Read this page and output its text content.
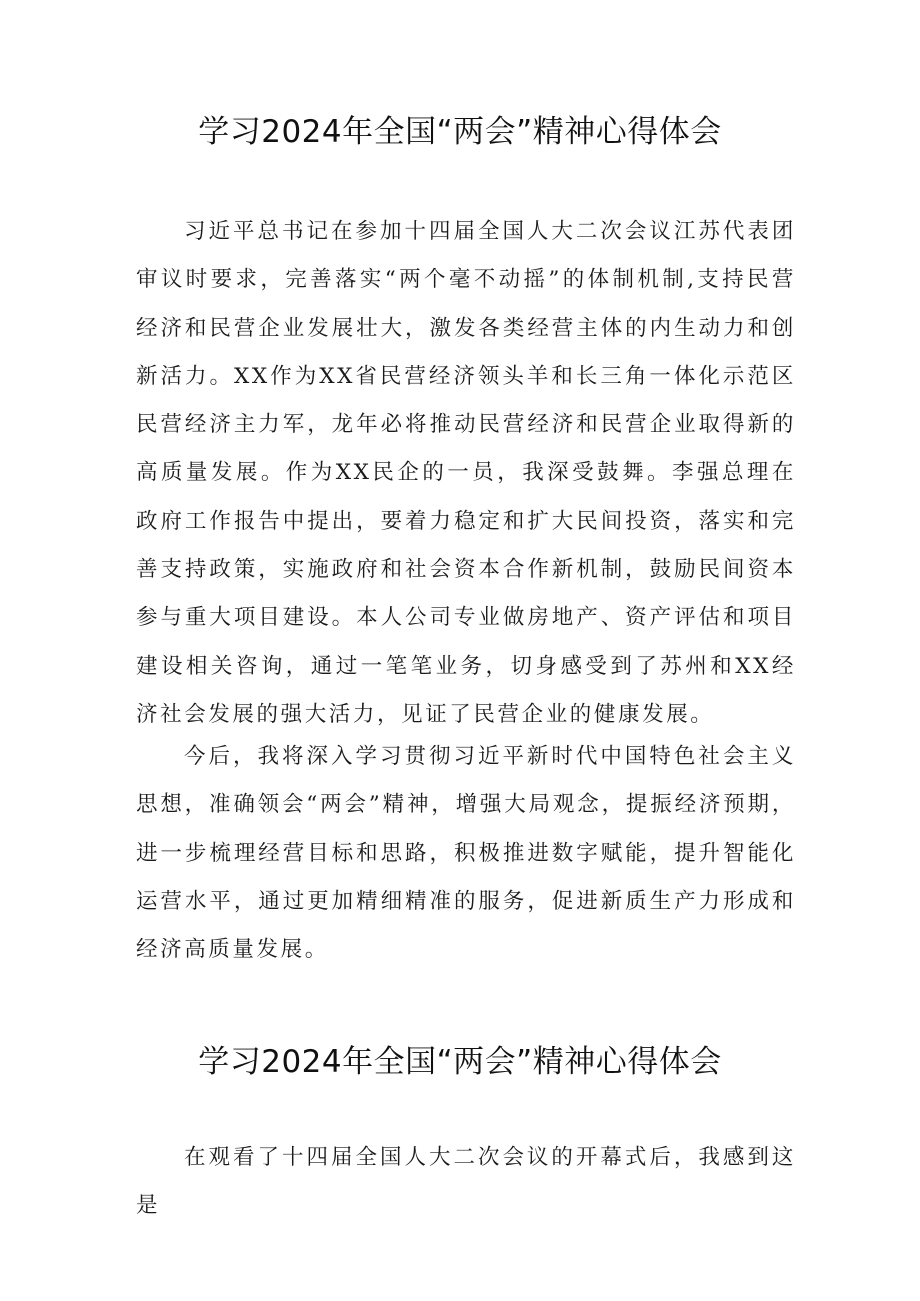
学习2024年全国“两会”精神心得体会

习近平总书记在参加十四届全国人大二次会议江苏代表团审议时要求，完善落实“两个毫不动摇”的体制机制,支持民营经济和民营企业发展壮大，激发各类经营主体的内生动力和创新活力。XX作为XX省民营经济领头羊和长三角一体化示范区民营经济主力军，龙年必将推动民营经济和民营企业取得新的高质量发展。作为XX民企的一员，我深受鼓舞。李强总理在政府工作报告中提出，要着力稳定和扩大民间投资，落实和完善支持政策，实施政府和社会资本合作新机制，鼓励民间资本参与重大项目建设。本人公司专业做房地产、资产评估和项目建设相关咨询，通过一笔笔业务，切身感受到了苏州和XX经济社会发展的强大活力，见证了民营企业的健康发展。

今后，我将深入学习贯彻习近平新时代中国特色社会主义思想，准确领会“两会”精神，增强大局观念，提振经济预期，进一步梳理经营目标和思路，积极推进数字赋能，提升智能化运营水平，通过更加精细精准的服务，促进新质生产力形成和经济高质量发展。

学习2024年全国“两会”精神心得体会

在观看了十四届全国人大二次会议的开幕式后，我感到这是
